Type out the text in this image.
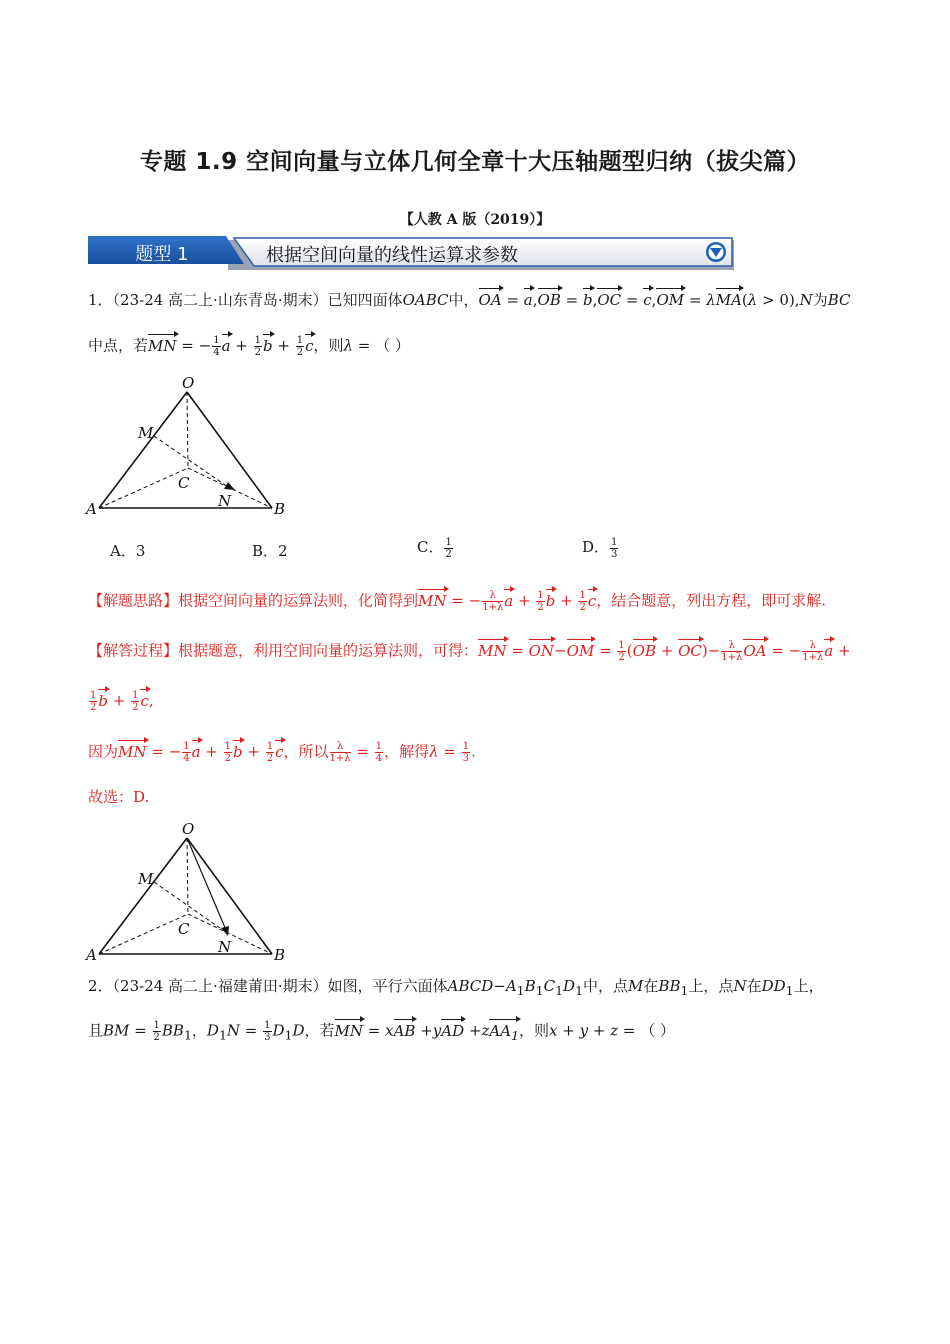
专题 1.9 空间向量与立体几何全章十大压轴题型归纳（拔尖篇）
【人教 A 版（2019）】
题型 1	根据空间向量的线性运算求参数
1．（23-24 高二上·山东青岛·期末）已知四面体OABC中，OA = a,OB = b,OC = c,OM = λMA(λ > 0),N为BC
中点，若MN = − $\frac{1}{4}$ $a + \frac{1}{2}$ $b + \frac{1}{2}$ c，则λ = （ ）
O
M
C
N
A	B
A．3	B．2	C． $\frac{1}{2}$	D． $\frac{1}{3}$
【解题思路】根据空间向量的运算法则，化简得到MN = − $\frac{\lambda}{1+\lambda}$ $a + \frac{1}{2}$ $b + \frac{1}{2}$ c，结合题意，列出方程，即可求解.
【解答过程】根据题意，利用空间向量的运算法则，可得：MN = $ON-OM = \frac{1}{2} (OB + OC)- \frac{\lambda}{1+\lambda}$ OA = − $\frac{\lambda}{1+\lambda}$ a +
$\frac{1}{2}$ $b + \frac{1}{2} c$,
因为MN = − $\frac{1}{4}$ $a + \frac{1}{2}$ $b + \frac{1}{2}$ c，所以 $\frac{\lambda}{1+\lambda} = \frac{1}{4}$ ，解得$\lambda = \frac{1}{3}$ .
故选：D.
O
M
C
N
A	B
2．（23-24 高二上·福建莆田·期末）如图，平行六面体$ABCD-A_1B_1C_1D_1$中，点M在$BB_1$上，点N在$DD_1$上，
且BM = $\frac{1}{2} BB_1$，$D_1N = \frac{1}{3} D_1D$，若MN = xAB +yAD +zAA$_1$，则x + y + z = （ ）
